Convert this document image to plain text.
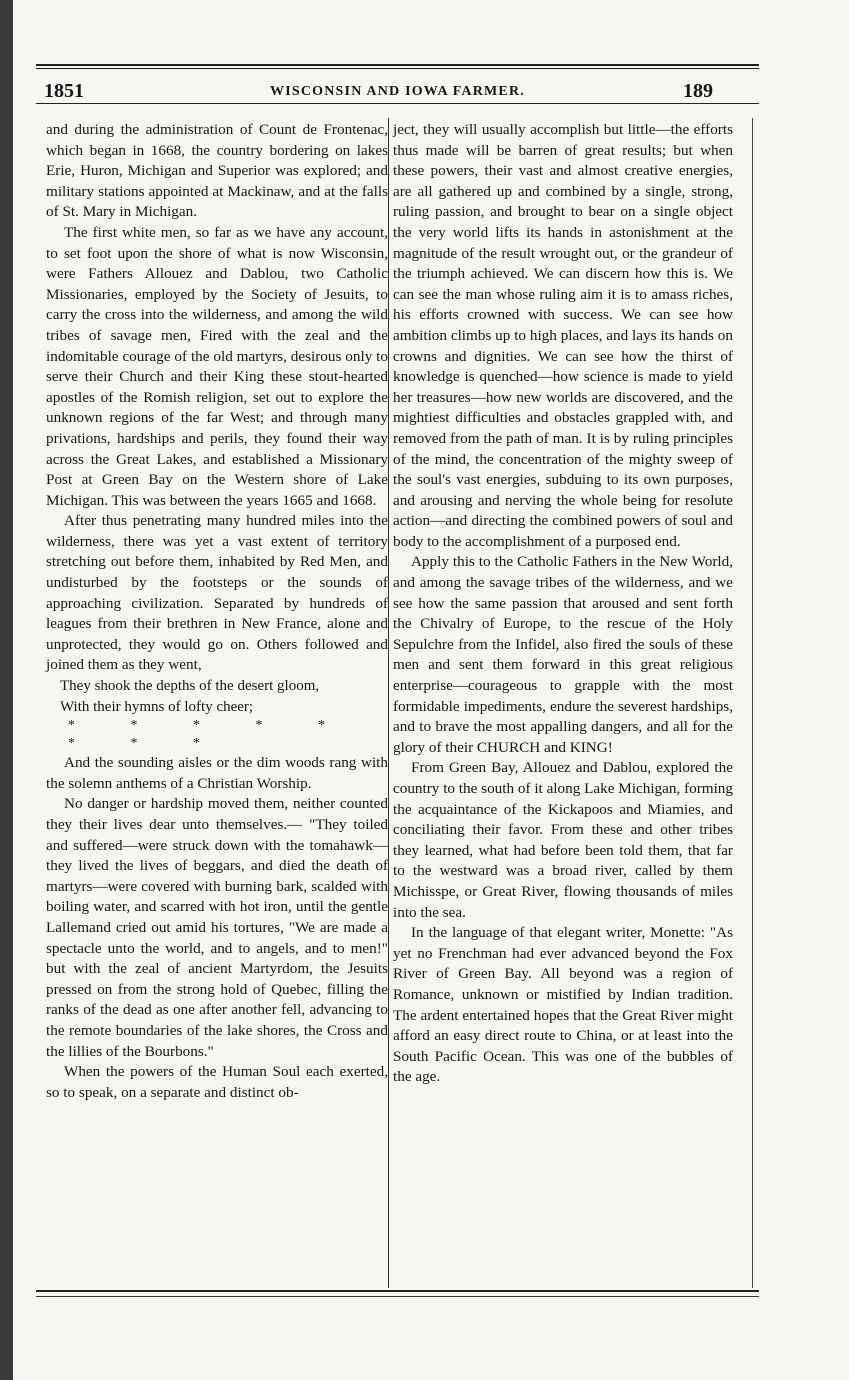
1851	WISCONSIN AND IOWA FARMER.	189

and during the administration of Count de Frontenac, which began in 1668, the country bordering on lakes Erie, Huron, Michigan and Superior was explored; and military stations appointed at Mackinaw, and at the falls of St. Mary in Michigan.

The first white men, so far as we have any account, to set foot upon the shore of what is now Wisconsin, were Fathers Allouez and Dablou, two Catholic Missionaries, employed by the Society of Jesuits, to carry the cross into the wilderness, and among the wild tribes of savage men, Fired with the zeal and the indomitable courage of the old martyrs, desirous only to serve their Church and their King these stout-hearted apostles of the Romish religion, set out to explore the unknown regions of the far West; and through many privations, hardships and perils, they found their way across the Great Lakes, and established a Missionary Post at Green Bay on the Western shore of Lake Michigan. This was between the years 1665 and 1668.

After thus penetrating many hundred miles into the wilderness, there was yet a vast extent of territory stretching out before them, inhabited by Red Men, and undisturbed by the footsteps or the sounds of approaching civilization. Separated by hundreds of leagues from their brethren in New France, alone and unprotected, they would go on. Others followed and joined them as they went,

They shook the depths of the desert gloom,

With their hymns of lofty cheer;

* * * * * * * *

And the sounding aisles or the dim woods rang with the solemn anthems of a Christian Worship.

No danger or hardship moved them, neither counted they their lives dear unto themselves.— "They toiled and suffered—were struck down with the tomahawk—they lived the lives of beggars, and died the death of martyrs—were covered with burning bark, scalded with boiling water, and scarred with hot iron, until the gentle Lallemand cried out amid his tortures, "We are made a spectacle unto the world, and to angels, and to men!" but with the zeal of ancient Martyrdom, the Jesuits pressed on from the strong hold of Quebec, filling the ranks of the dead as one after another fell, advancing to the remote boundaries of the lake shores, the Cross and the lillies of the Bourbons."

When the powers of the Human Soul each exerted, so to speak, on a separate and distinct ob-

ject, they will usually accomplish but little—the efforts thus made will be barren of great results; but when these powers, their vast and almost creative energies, are all gathered up and combined by a single, strong, ruling passion, and brought to bear on a single object the very world lifts its hands in astonishment at the magnitude of the result wrought out, or the grandeur of the triumph achieved. We can discern how this is. We can see the man whose ruling aim it is to amass riches, his efforts crowned with success. We can see how ambition climbs up to high places, and lays its hands on crowns and dignities. We can see how the thirst of knowledge is quenched—how science is made to yield her treasures—how new worlds are discovered, and the mightiest difficulties and obstacles grappled with, and removed from the path of man. It is by ruling principles of the mind, the concentration of the mighty sweep of the soul's vast energies, subduing to its own purposes, and arousing and nerving the whole being for resolute action—and directing the combined powers of soul and body to the accomplishment of a purposed end.

Apply this to the Catholic Fathers in the New World, and among the savage tribes of the wilderness, and we see how the same passion that aroused and sent forth the Chivalry of Europe, to the rescue of the Holy Sepulchre from the Infidel, also fired the souls of these men and sent them forward in this great religious enterprise—courageous to grapple with the most formidable impediments, endure the severest hardships, and to brave the most appalling dangers, and all for the glory of their CHURCH and KING!

From Green Bay, Allouez and Dablou, explored the country to the south of it along Lake Michigan, forming the acquaintance of the Kickapoos and Miamies, and conciliating their favor. From these and other tribes they learned, what had before been told them, that far to the westward was a broad river, called by them Michisspe, or Great River, flowing thousands of miles into the sea.

In the language of that elegant writer, Monette: "As yet no Frenchman had ever advanced beyond the Fox River of Green Bay. All beyond was a region of Romance, unknown or mistified by Indian tradition. The ardent entertained hopes that the Great River might afford an easy direct route to China, or at least into the South Pacific Ocean. This was one of the bubbles of the age.
